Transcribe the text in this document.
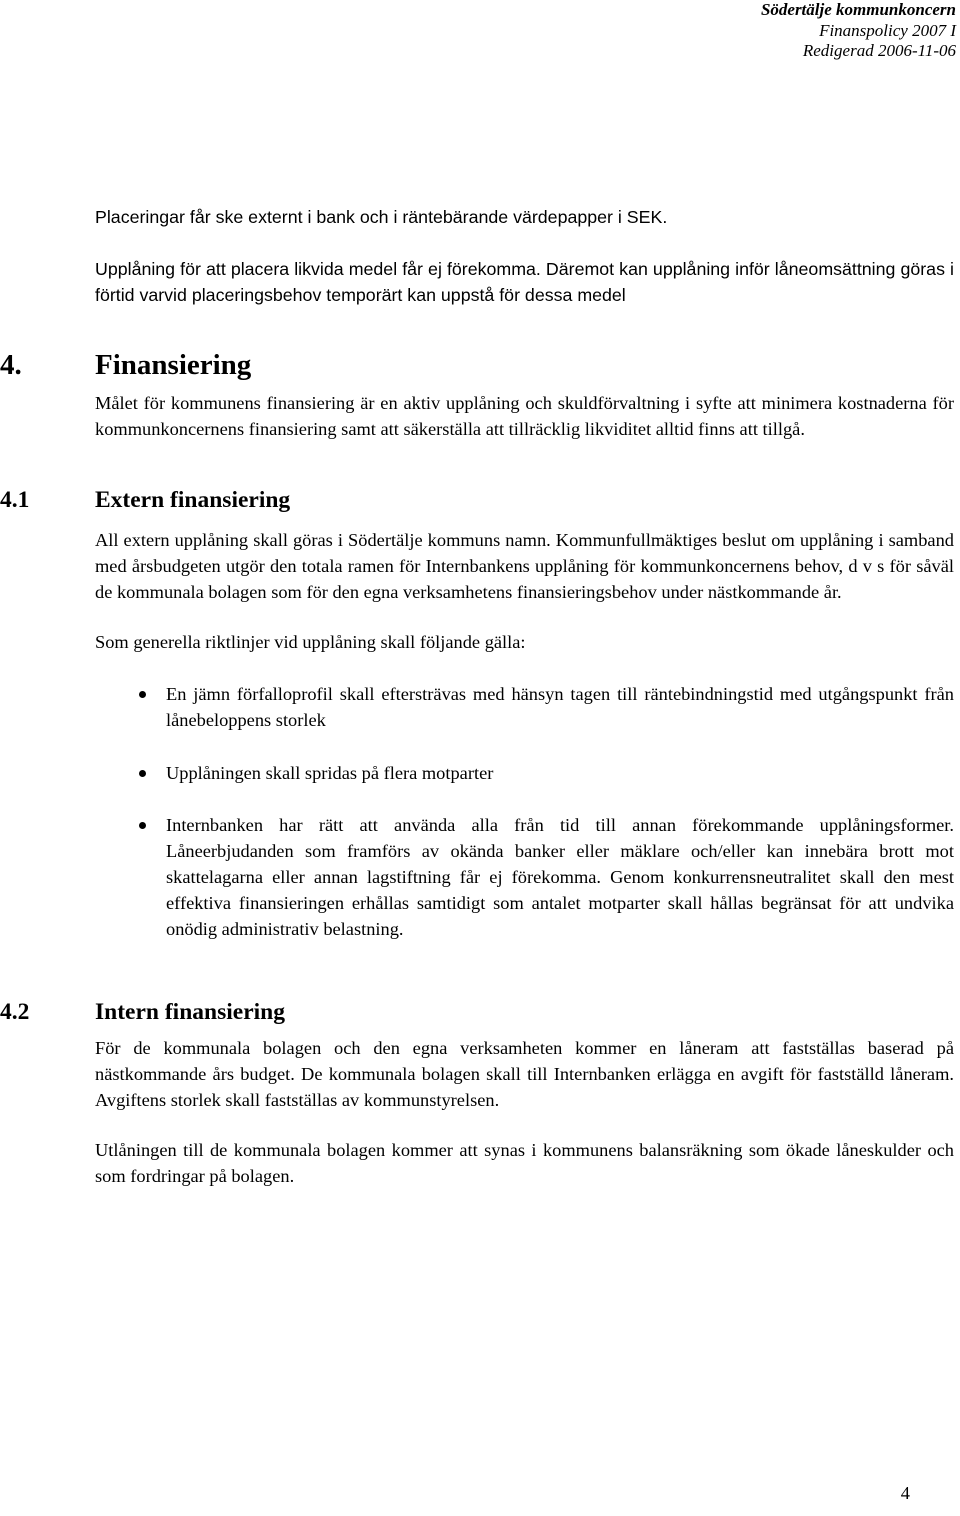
Södertälje kommunkoncern
Finanspolicy 2007 I
Redigerad 2006-11-06

Placeringar får ske externt i bank och i räntebärande värdepapper i SEK.

Upplåning för att placera likvida medel får ej förekomma. Däremot kan upplåning inför låneomsättning göras i förtid varvid placeringsbehov temporärt kan uppstå för dessa medel

4.	Finansiering

Målet för kommunens finansiering är en aktiv upplåning och skuldförvaltning i syfte att minimera kostnaderna för kommunkoncernens finansiering samt att säkerställa att tillräcklig likviditet alltid finns att tillgå.

4.1	Extern finansiering

All extern upplåning skall göras i Södertälje kommuns namn. Kommunfullmäktiges beslut om upplåning i samband med årsbudgeten utgör den totala ramen för Internbankens upplåning för kommunkoncernens behov, d v s för såväl de kommunala bolagen som för den egna verksamhetens finansieringsbehov under nästkommande år.

Som generella riktlinjer vid upplåning skall följande gälla:

En jämn förfalloprofil skall eftersträvas med hänsyn tagen till räntebindningstid med utgångspunkt från lånebeloppens storlek

Upplåningen skall spridas på flera motparter

Internbanken har rätt att använda alla från tid till annan förekommande upplåningsformer. Låneerbjudanden som framförs av okända banker eller mäklare och/eller kan innebära brott mot skattelagarna eller annan lagstiftning får ej förekomma. Genom konkurrensneutralitet skall den mest effektiva finansieringen erhållas samtidigt som antalet motparter skall hållas begränsat för att undvika onödig administrativ belastning.

4.2	Intern finansiering

För de kommunala bolagen och den egna verksamheten kommer en låneram att fastställas baserad på nästkommande års budget. De kommunala bolagen skall till Internbanken erlägga en avgift för fastställd låneram. Avgiftens storlek skall fastställas av kommunstyrelsen.

Utlåningen till de kommunala bolagen kommer att synas i kommunens balansräkning som ökade låneskulder och som fordringar på bolagen.

4
